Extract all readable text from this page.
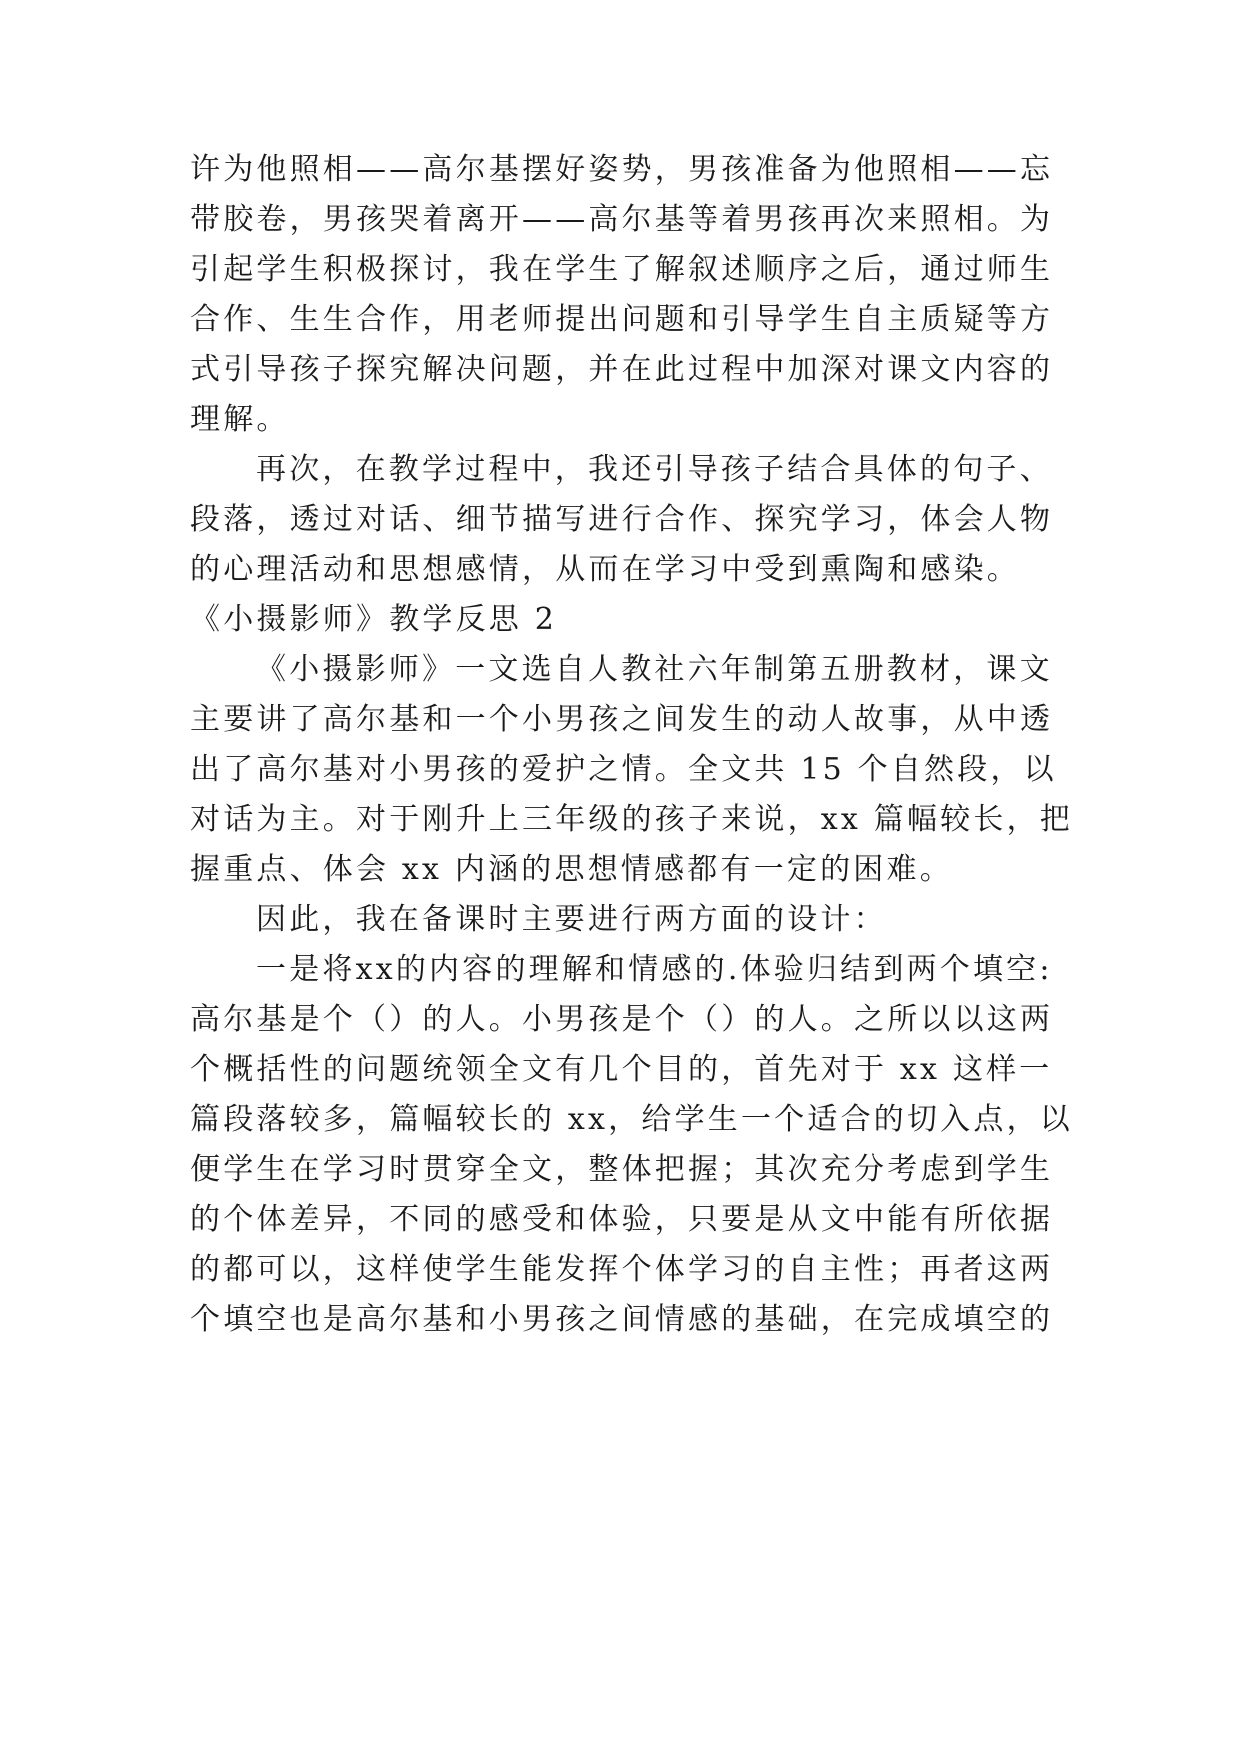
许为他照相——高尔基摆好姿势，男孩准备为他照相——忘
带胶卷，男孩哭着离开——高尔基等着男孩再次来照相。为
引起学生积极探讨，我在学生了解叙述顺序之后，通过师生
合作、生生合作，用老师提出问题和引导学生自主质疑等方
式引导孩子探究解决问题，并在此过程中加深对课文内容的
理解。
再次，在教学过程中，我还引导孩子结合具体的句子、
段落，透过对话、细节描写进行合作、探究学习，体会人物
的心理活动和思想感情，从而在学习中受到熏陶和感染。
《小摄影师》教学反思 2
《小摄影师》一文选自人教社六年制第五册教材，课文
主要讲了高尔基和一个小男孩之间发生的动人故事，从中透
出了高尔基对小男孩的爱护之情。全文共 15 个自然段，以
对话为主。对于刚升上三年级的孩子来说，xx 篇幅较长，把
握重点、体会 xx 内涵的思想情感都有一定的困难。
因此，我在备课时主要进行两方面的设计：
一是将xx的内容的理解和情感的.体验归结到两个填空:
高尔基是个（）的人。小男孩是个（）的人。之所以以这两
个概括性的问题统领全文有几个目的，首先对于 xx 这样一
篇段落较多，篇幅较长的 xx，给学生一个适合的切入点，以
便学生在学习时贯穿全文，整体把握；其次充分考虑到学生
的个体差异，不同的感受和体验，只要是从文中能有所依据
的都可以，这样使学生能发挥个体学习的自主性；再者这两
个填空也是高尔基和小男孩之间情感的基础，在完成填空的
